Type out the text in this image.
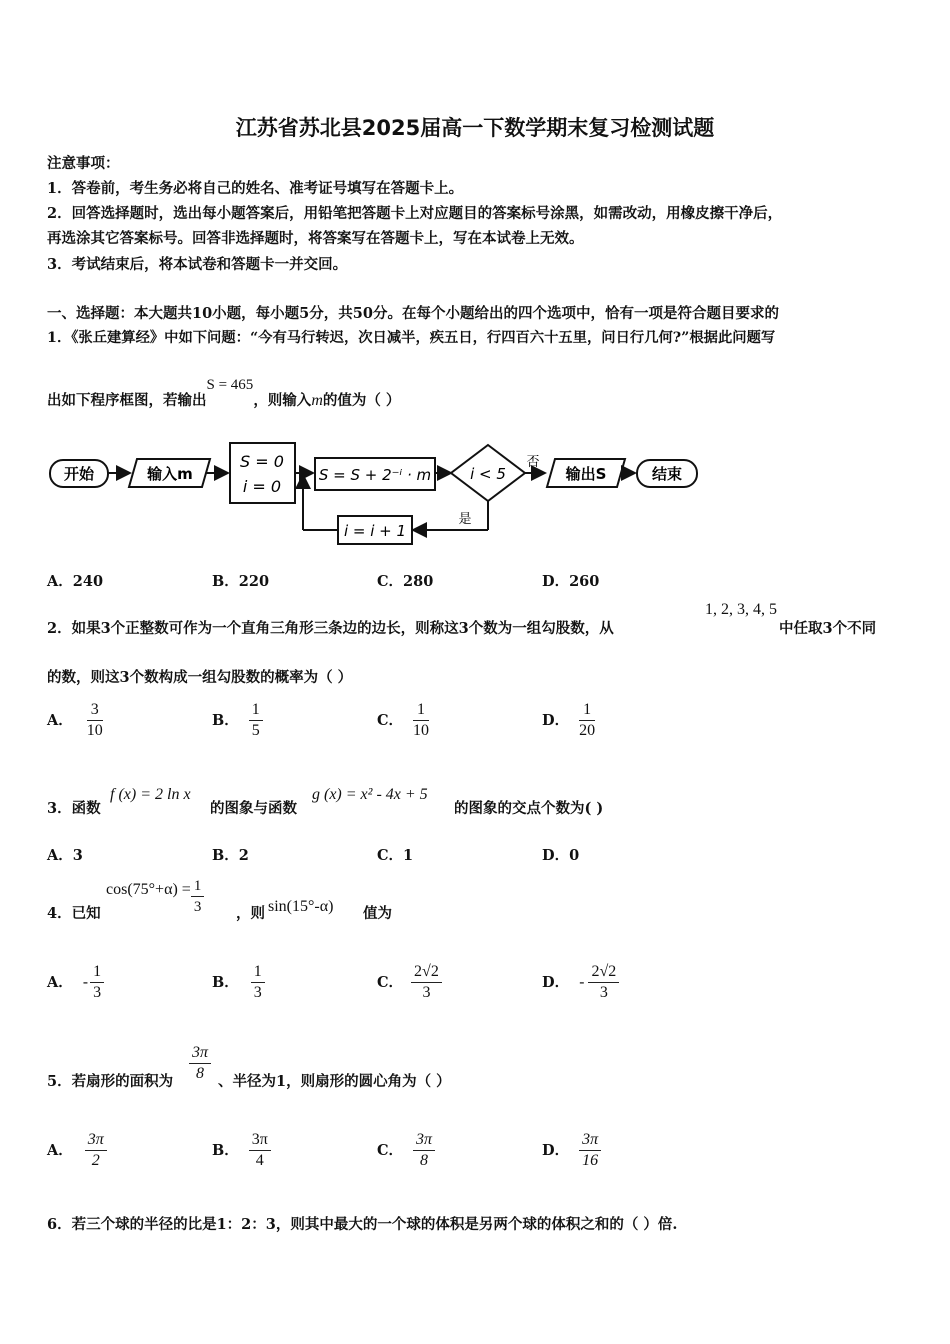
江苏省苏北县2025届高一下数学期末复习检测试题
注意事项：
1．答卷前，考生务必将自己的姓名、准考证号填写在答题卡上。
2．回答选择题时，选出每小题答案后，用铅笔把答题卡上对应题目的答案标号涂黑，如需改动，用橡皮擦干净后，
再选涂其它答案标号。回答非选择题时，将答案写在答题卡上，写在本试卷上无效。
3．考试结束后，将本试卷和答题卡一并交回。
一、选择题：本大题共10小题，每小题5分，共50分。在每个小题给出的四个选项中，恰有一项是符合题目要求的
1．《张丘建算经》中如下问题：“今有马行转迟，次日减半，疾五日，行四百六十五里，问日行几何?”根据此问题写
出如下程序框图，若输出S = 465，则输入m的值为（ ）
开始	输入m
S = 0
i = 0
S = S + 2⁻ⁱ · m	i < 5
否
输出S	结束
是
i = i + 1
A．240	B．220	C．280	D．260
2．如果3个正整数可作为一个直角三角形三条边的边长，则称这3个数为一组勾股数，从
1, 2, 3, 4, 5
中任取3个不同
的数，则这3个数构成一组勾股数的概率为（ ）
A． $\frac{3}{10}$	B． $\frac{1}{5}$	C． $\frac{1}{10}$	D． $\frac{1}{20}$
3．函数
f (x) = 2 ln x
的图象与函数
g (x) = x² - 4x + 5
的图象的交点个数为( )
A．3	B．2	C．1	D．0
4．已知
$\cos(75^\circ+\alpha) = \frac{1}{3}$ ，则 sin(15°-α) 值为
A． - $\frac{1}{3}$	B． $\frac{1}{3}$	C． $\frac{2√2}{3}$	D． - $\frac{2√2}{3}$
5．若扇形的面积为 $\frac{3\pi}{8}$ 、半径为1，则扇形的圆心角为（ ）
A． $\frac{3\pi}{2}$	B． $\frac{3\pi}{4}$	C． $\frac{3\pi}{8}$	D． $\frac{3\pi}{16}$
6．若三个球的半径的比是1：2：3，则其中最大的一个球的体积是另两个球的体积之和的（ ）倍.
